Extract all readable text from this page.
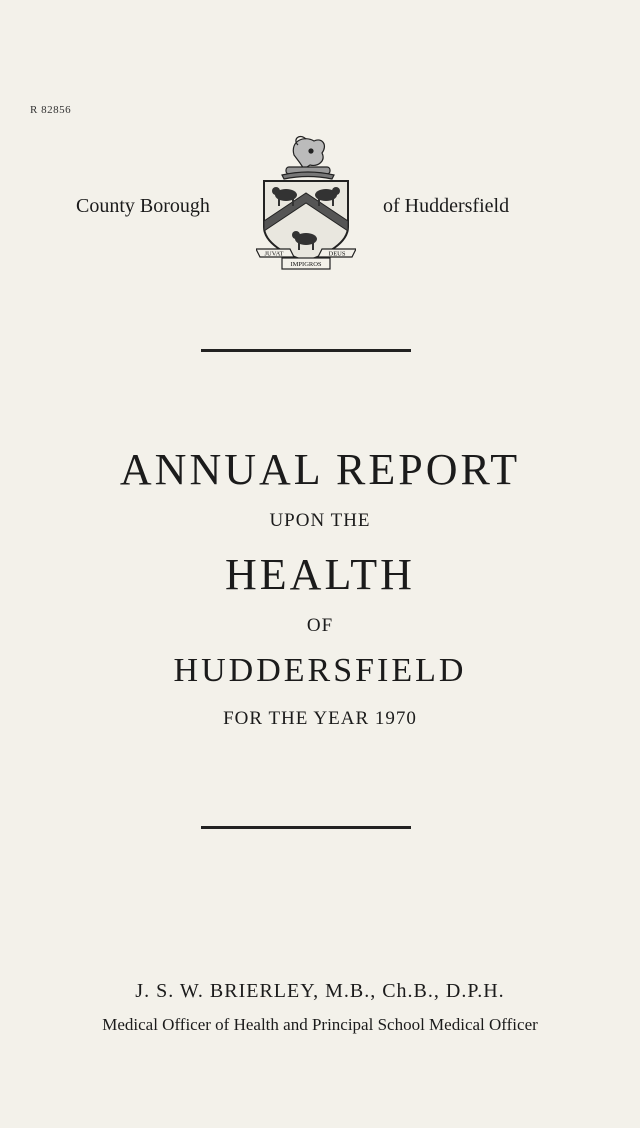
R 82856
County Borough
JUVAT	DEUS
IMPIGROS
of Huddersfield
ANNUAL REPORT
UPON THE
HEALTH
OF
HUDDERSFIELD
FOR THE YEAR 1970
J. S. W. BRIERLEY, M.B., Ch.B., D.P.H.
Medical Officer of Health and Principal School Medical Officer
